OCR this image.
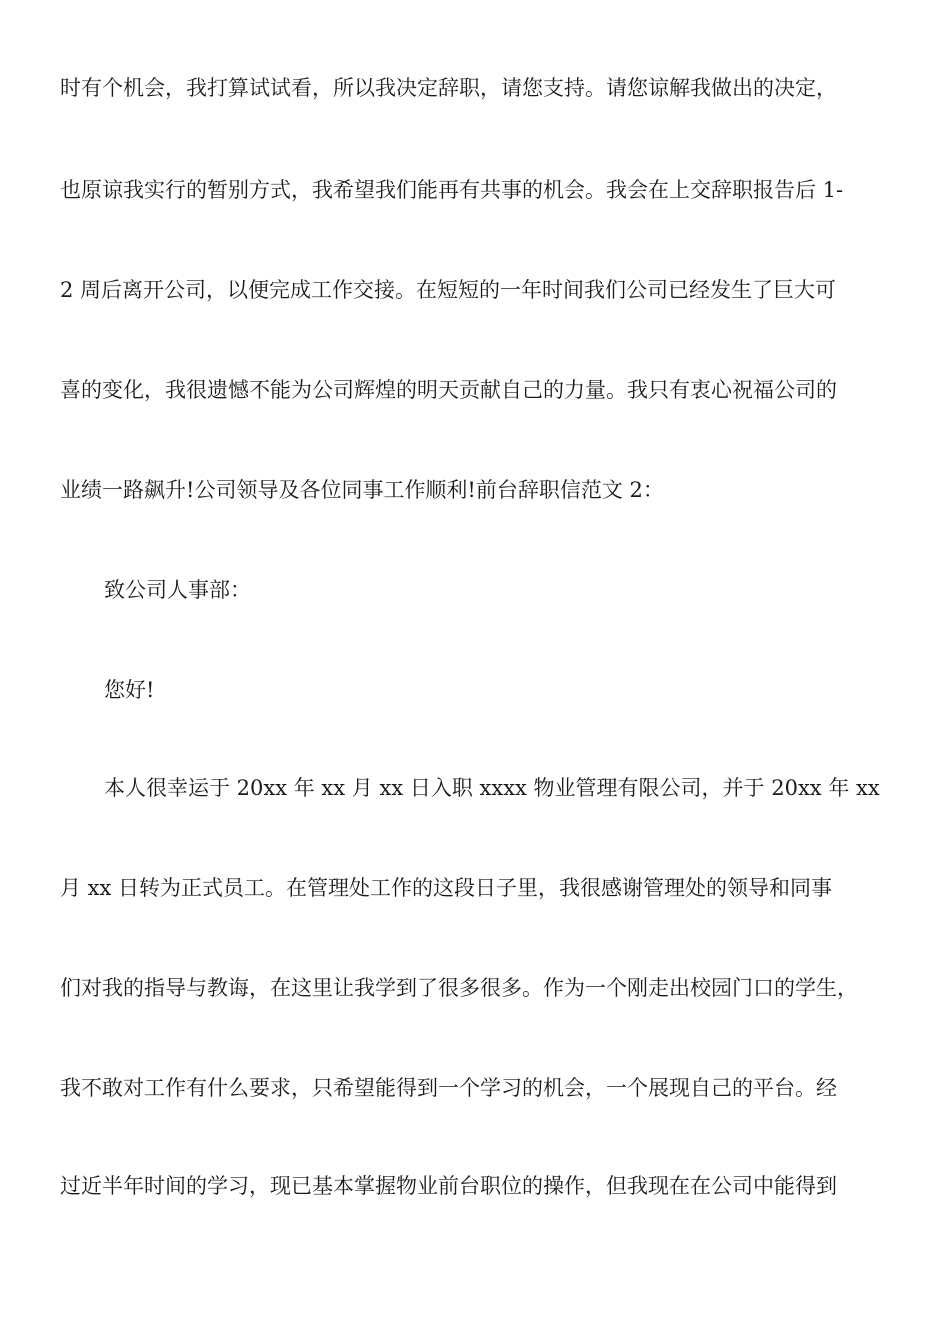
时有个机会，我打算试试看，所以我决定辞职，请您支持。请您谅解我做出的决定，
也原谅我实行的暂别方式，我希望我们能再有共事的机会。我会在上交辞职报告后 1-
2 周后离开公司，以便完成工作交接。在短短的一年时间我们公司已经发生了巨大可
喜的变化，我很遗憾不能为公司辉煌的明天贡献自己的力量。我只有衷心祝福公司的
业绩一路飙升!公司领导及各位同事工作顺利!前台辞职信范文 2：
致公司人事部：
您好!
本人很幸运于 20xx 年 xx 月 xx 日入职 xxxx 物业管理有限公司，并于 20xx 年 xx
月 xx 日转为正式员工。在管理处工作的这段日子里，我很感谢管理处的领导和同事
们对我的指导与教诲，在这里让我学到了很多很多。作为一个刚走出校园门口的学生，
我不敢对工作有什么要求，只希望能得到一个学习的机会，一个展现自己的平台。经
过近半年时间的学习，现已基本掌握物业前台职位的操作，但我现在在公司中能得到
